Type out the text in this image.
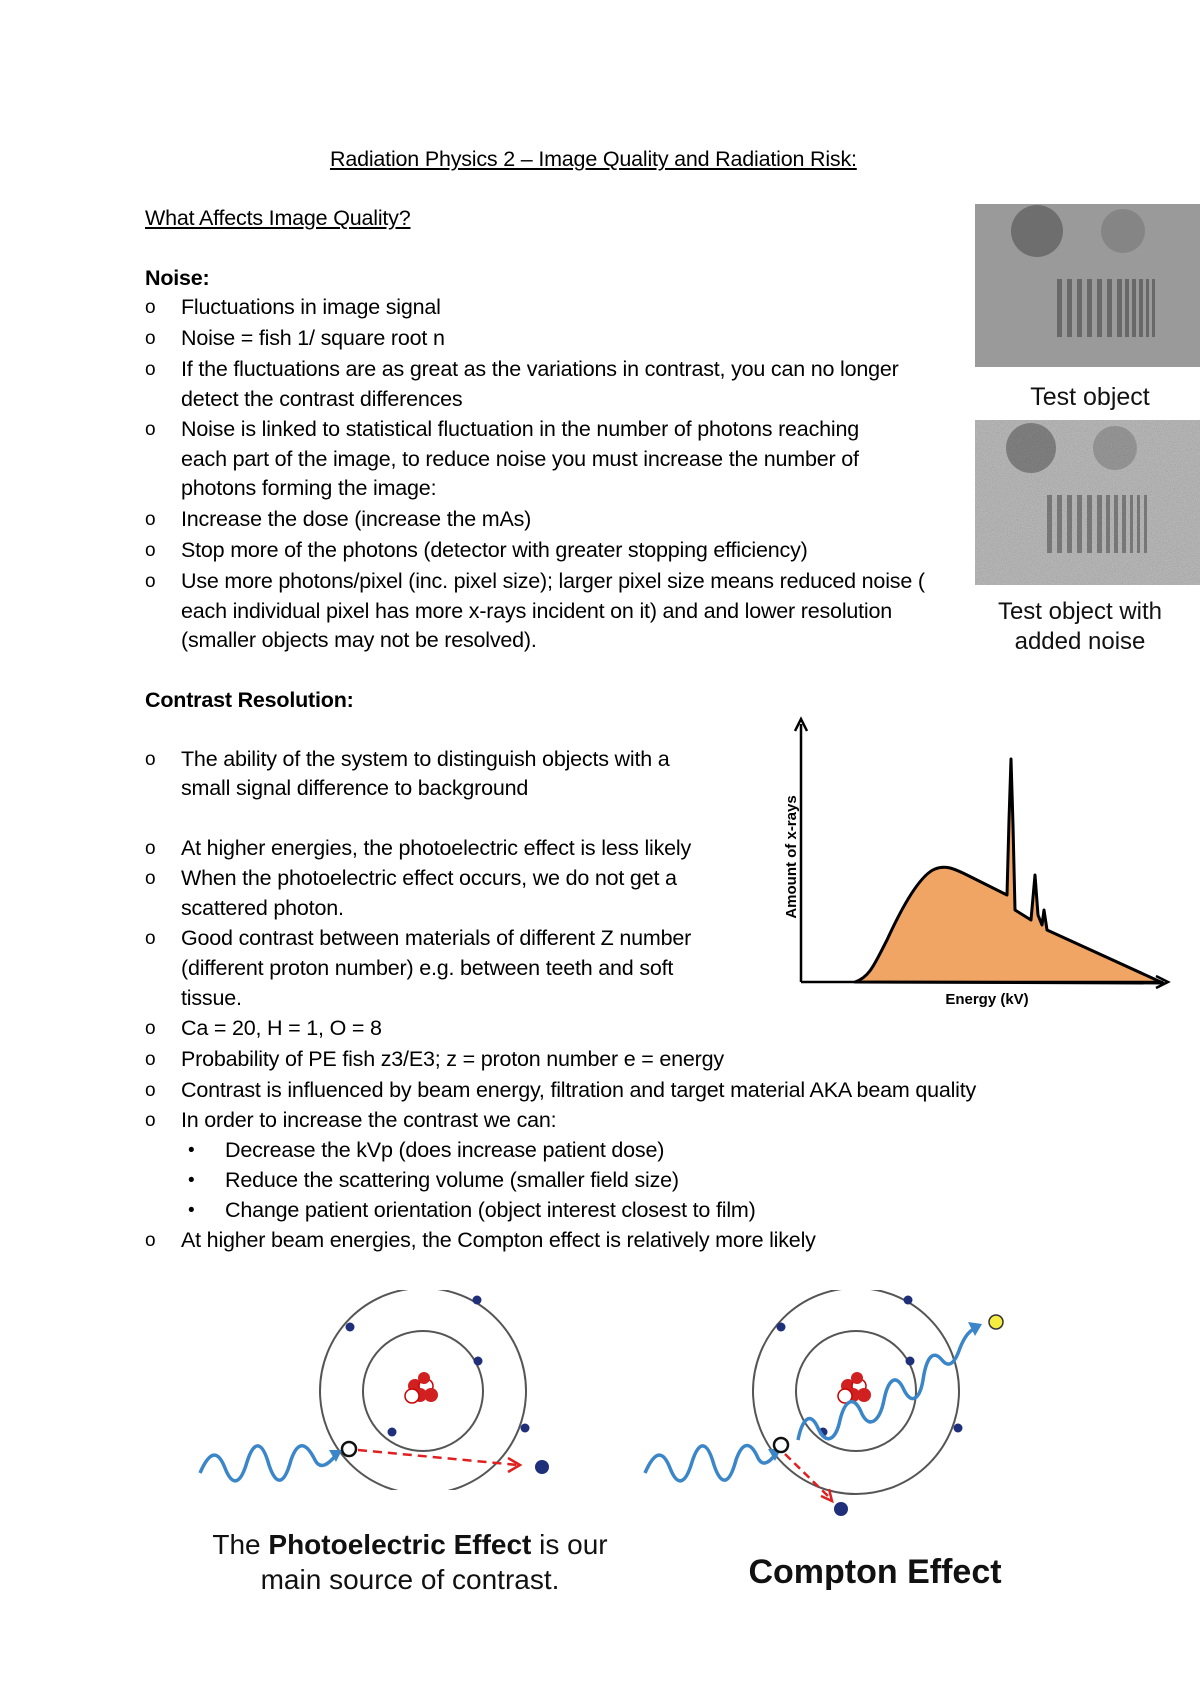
Radiation Physics 2 – Image Quality and Radiation Risk:
What Affects Image Quality?
Noise:
o Fluctuations in image signal
o Noise = fish 1/ square root n
o If the fluctuations are as great as the variations in contrast, you can no longer
detect the contrast differences
o Noise is linked to statistical fluctuation in the number of photons reaching
each part of the image, to reduce noise you must increase the number of
photons forming the image:
o Increase the dose (increase the mAs)
o Stop more of the photons (detector with greater stopping efficiency)
o Use more photons/pixel (inc. pixel size); larger pixel size means reduced noise (
each individual pixel has more x-rays incident on it) and and lower resolution
(smaller objects may not be resolved).
Test object
Test object with
added noise
Contrast Resolution:
o The ability of the system to distinguish objects with a
small signal difference to background
o At higher energies, the photoelectric effect is less likely
o When the photoelectric effect occurs, we do not get a
scattered photon.
o Good contrast between materials of different Z number
(different proton number) e.g. between teeth and soft
tissue.
o Ca = 20, H = 1, O = 8
o Probability of PE fish z3/E3; z = proton number e = energy
o Contrast is influenced by beam energy, filtration and target material AKA beam quality
o In order to increase the contrast we can:
• Decrease the kVp (does increase patient dose)
• Reduce the scattering volume (smaller field size)
• Change patient orientation (object interest closest to film)
o At higher beam energies, the Compton effect is relatively more likely
Amount of x-rays
Energy (kV)
The Photoelectric Effect is our
main source of contrast.	Compton Effect
